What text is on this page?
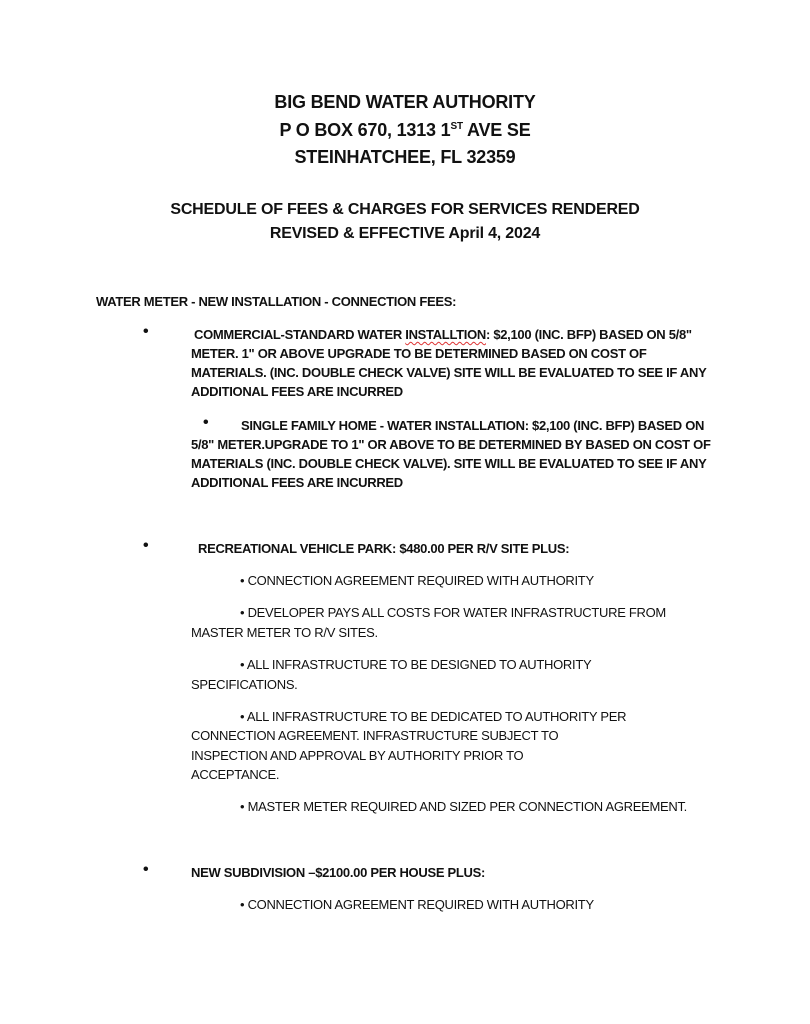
BIG BEND WATER AUTHORITY
P O BOX 670, 1313 1ST AVE SE
STEINHATCHEE, FL 32359
SCHEDULE OF FEES & CHARGES FOR SERVICES RENDERED
REVISED & EFFECTIVE April 4, 2024
WATER METER - NEW INSTALLATION - CONNECTION FEES:
•	COMMERCIAL-STANDARD WATER INSTALLTION: $2,100 (INC. BFP) BASED ON 5/8"
METER. 1" OR ABOVE UPGRADE TO BE DETERMINED BASED ON COST OF
MATERIALS. (INC. DOUBLE CHECK VALVE) SITE WILL BE EVALUATED TO SEE IF ANY
ADDITIONAL FEES ARE INCURRED
• SINGLE FAMILY HOME - WATER INSTALLATION: $2,100 (INC. BFP) BASED ON
5/8" METER.UPGRADE TO 1" OR ABOVE TO BE DETERMINED BY BASED ON COST OF
MATERIALS (INC. DOUBLE CHECK VALVE). SITE WILL BE EVALUATED TO SEE IF ANY
ADDITIONAL FEES ARE INCURRED
•	RECREATIONAL VEHICLE PARK: $480.00 PER R/V SITE PLUS:
• CONNECTION AGREEMENT REQUIRED WITH AUTHORITY
• DEVELOPER PAYS ALL COSTS FOR WATER INFRASTRUCTURE FROM
MASTER METER TO R/V SITES.
• ALL INFRASTRUCTURE TO BE DESIGNED TO AUTHORITY
SPECIFICATIONS.
• ALL INFRASTRUCTURE TO BE DEDICATED TO AUTHORITY PER
CONNECTION AGREEMENT. INFRASTRUCTURE SUBJECT TO
INSPECTION AND APPROVAL BY AUTHORITY PRIOR TO
ACCEPTANCE.
• MASTER METER REQUIRED AND SIZED PER CONNECTION AGREEMENT.
•	NEW SUBDIVISION –$2100.00 PER HOUSE PLUS:
• CONNECTION AGREEMENT REQUIRED WITH AUTHORITY
